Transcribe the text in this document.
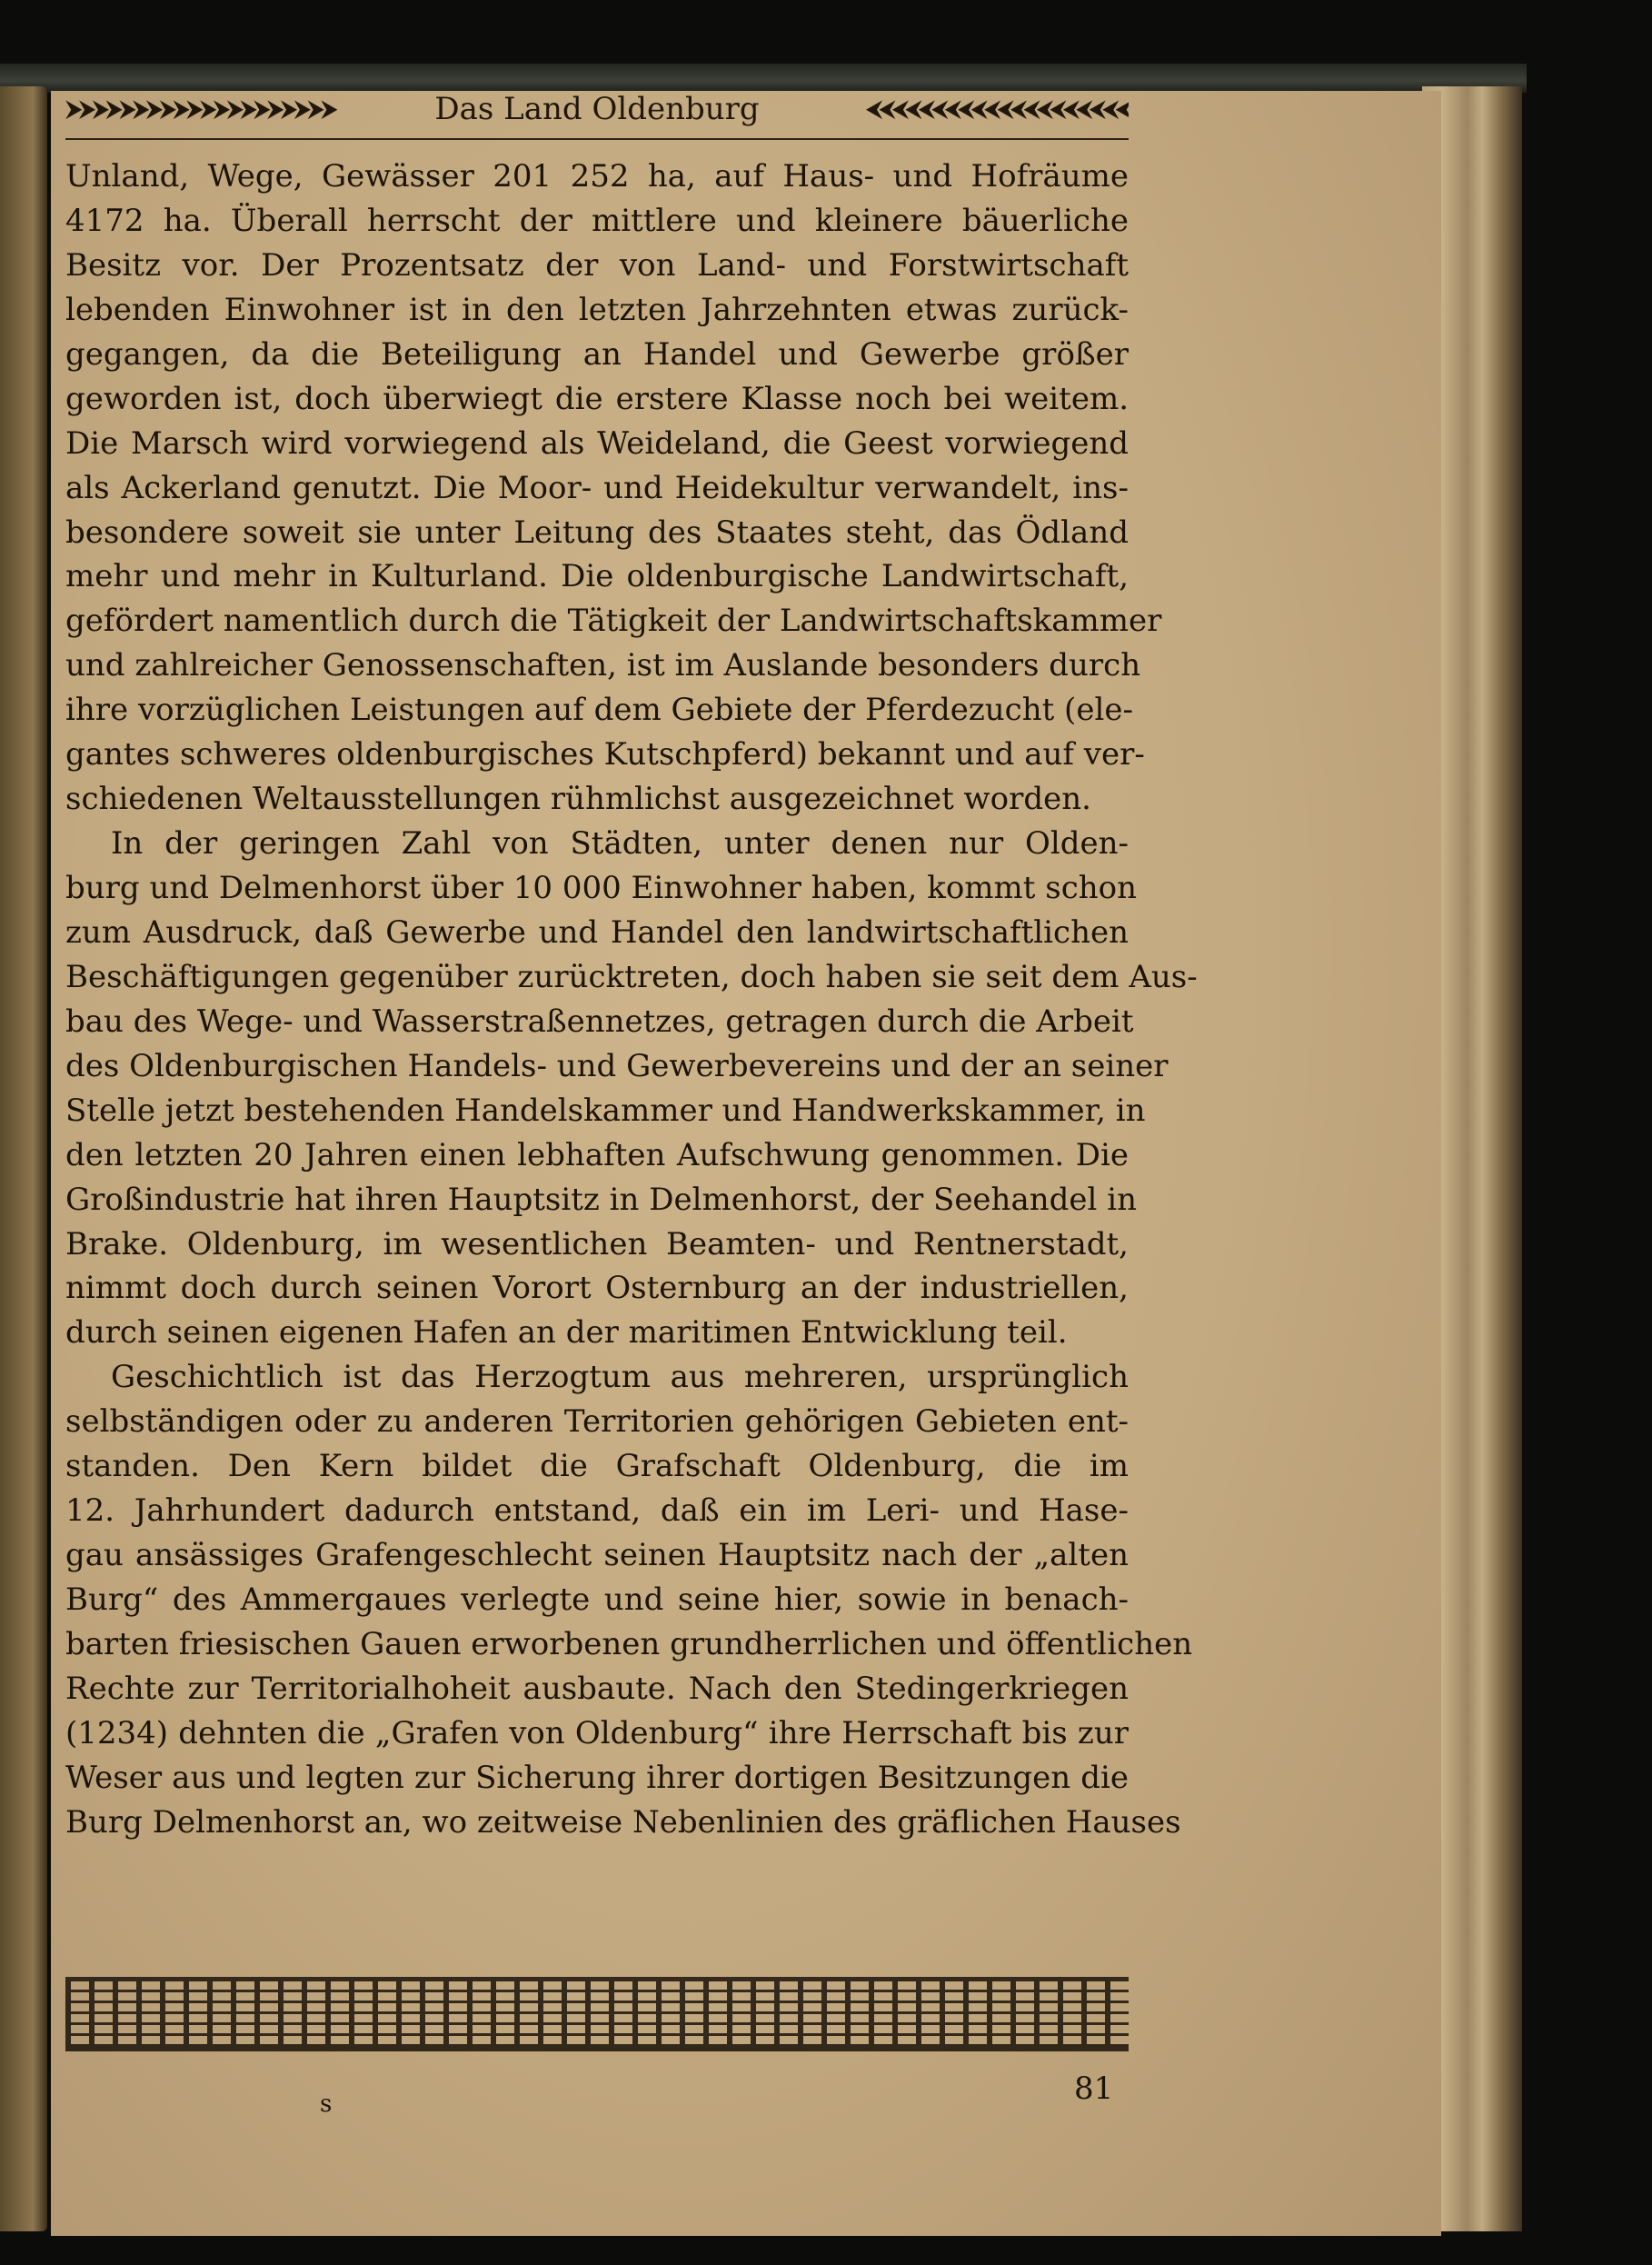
⮞⮞⮞⮞⮞⮞⮞⮞⮞⮞⮞⮞⮞⮞⮞⮞⮞⮞⮞⮞	Das Land Oldenburg	⮜⮜⮜⮜⮜⮜⮜⮜⮜⮜⮜⮜⮜⮜⮜⮜⮜⮜⮜⮜
Unland, Wege, Gewässer 201 252 ha, auf Haus- und Hofräume
4172 ha. Überall herrscht der mittlere und kleinere bäuerliche
Besitz vor. Der Prozentsatz der von Land- und Forstwirtschaft
lebenden Einwohner ist in den letzten Jahrzehnten etwas zurück-
gegangen, da die Beteiligung an Handel und Gewerbe größer
geworden ist, doch überwiegt die erstere Klasse noch bei weitem.
Die Marsch wird vorwiegend als Weideland, die Geest vorwiegend
als Ackerland genutzt. Die Moor- und Heidekultur verwandelt, ins-
besondere soweit sie unter Leitung des Staates steht, das Ödland
mehr und mehr in Kulturland. Die oldenburgische Landwirtschaft,
gefördert namentlich durch die Tätigkeit der Landwirtschaftskammer
und zahlreicher Genossenschaften, ist im Auslande besonders durch
ihre vorzüglichen Leistungen auf dem Gebiete der Pferdezucht (ele-
gantes schweres oldenburgisches Kutschpferd) bekannt und auf ver-
schiedenen Weltausstellungen rühmlichst ausgezeichnet worden.
In der geringen Zahl von Städten, unter denen nur Olden-
burg und Delmenhorst über 10 000 Einwohner haben, kommt schon
zum Ausdruck, daß Gewerbe und Handel den landwirtschaftlichen
Beschäftigungen gegenüber zurücktreten, doch haben sie seit dem Aus-
bau des Wege- und Wasserstraßennetzes, getragen durch die Arbeit
des Oldenburgischen Handels- und Gewerbevereins und der an seiner
Stelle jetzt bestehenden Handelskammer und Handwerkskammer, in
den letzten 20 Jahren einen lebhaften Aufschwung genommen. Die
Großindustrie hat ihren Hauptsitz in Delmenhorst, der Seehandel in
Brake. Oldenburg, im wesentlichen Beamten- und Rentnerstadt,
nimmt doch durch seinen Vorort Osternburg an der industriellen,
durch seinen eigenen Hafen an der maritimen Entwicklung teil.
Geschichtlich ist das Herzogtum aus mehreren, ursprünglich
selbständigen oder zu anderen Territorien gehörigen Gebieten ent-
standen. Den Kern bildet die Grafschaft Oldenburg, die im
12. Jahrhundert dadurch entstand, daß ein im Leri- und Hase-
gau ansässiges Grafengeschlecht seinen Hauptsitz nach der „alten
Burg“ des Ammergaues verlegte und seine hier, sowie in benach-
barten friesischen Gauen erworbenen grundherrlichen und öffentlichen
Rechte zur Territorialhoheit ausbaute. Nach den Stedingerkriegen
(1234) dehnten die „Grafen von Oldenburg“ ihre Herrschaft bis zur
Weser aus und legten zur Sicherung ihrer dortigen Besitzungen die
Burg Delmenhorst an, wo zeitweise Nebenlinien des gräflichen Hauses
s	81
